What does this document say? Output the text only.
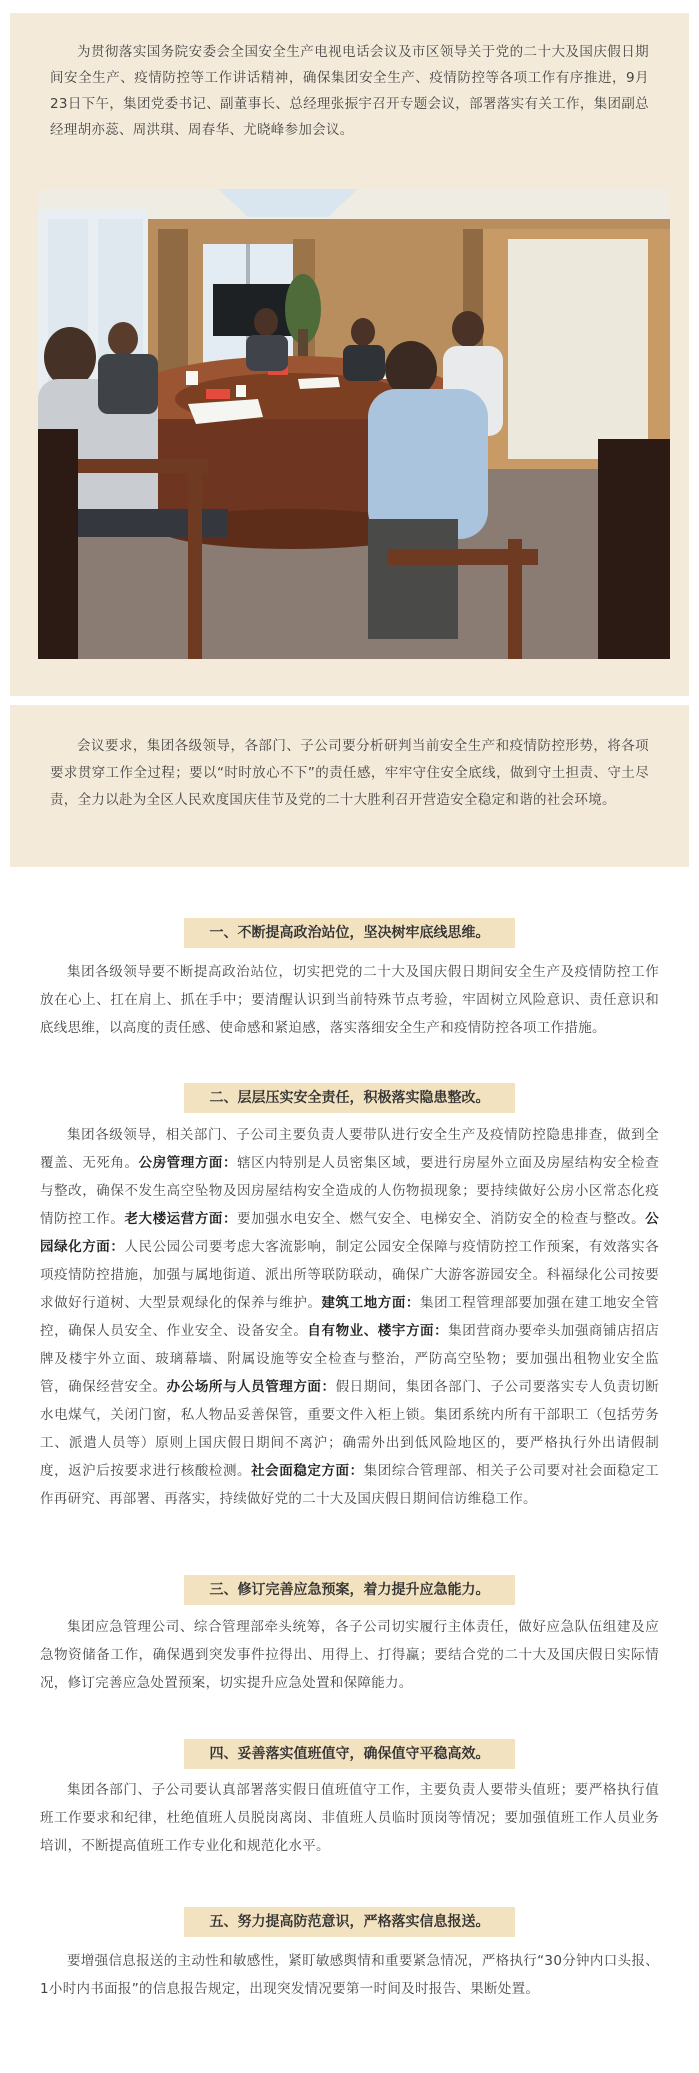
为贯彻落实国务院安委会全国安全生产电视电话会议及市区领导关于党的二十大及国庆假日期间安全生产、疫情防控等工作讲话精神，确保集团安全生产、疫情防控等各项工作有序推进，9月23日下午，集团党委书记、副董事长、总经理张振宇召开专题会议，部署落实有关工作，集团副总经理胡亦蕊、周洪琪、周春华、尤晓峰参加会议。
会议要求，集团各级领导，各部门、子公司要分析研判当前安全生产和疫情防控形势，将各项要求贯穿工作全过程；要以“时时放心不下”的责任感，牢牢守住安全底线，做到守土担责、守土尽责，全力以赴为全区人民欢度国庆佳节及党的二十大胜利召开营造安全稳定和谐的社会环境。
一、不断提高政治站位，坚决树牢底线思维。
集团各级领导要不断提高政治站位，切实把党的二十大及国庆假日期间安全生产及疫情防控工作放在心上、扛在肩上、抓在手中；要清醒认识到当前特殊节点考验，牢固树立风险意识、责任意识和底线思维，以高度的责任感、使命感和紧迫感，落实落细安全生产和疫情防控各项工作措施。
二、层层压实安全责任，积极落实隐患整改。
集团各级领导，相关部门、子公司主要负责人要带队进行安全生产及疫情防控隐患排查，做到全覆盖、无死角。公房管理方面：辖区内特别是人员密集区域，要进行房屋外立面及房屋结构安全检查与整改，确保不发生高空坠物及因房屋结构安全造成的人伤物损现象；要持续做好公房小区常态化疫情防控工作。老大楼运营方面：要加强水电安全、燃气安全、电梯安全、消防安全的检查与整改。公园绿化方面：人民公园公司要考虑大客流影响，制定公园安全保障与疫情防控工作预案，有效落实各项疫情防控措施，加强与属地街道、派出所等联防联动，确保广大游客游园安全。科福绿化公司按要求做好行道树、大型景观绿化的保养与维护。建筑工地方面：集团工程管理部要加强在建工地安全管控，确保人员安全、作业安全、设备安全。自有物业、楼宇方面：集团营商办要牵头加强商铺店招店牌及楼宇外立面、玻璃幕墙、附属设施等安全检查与整治，严防高空坠物；要加强出租物业安全监管，确保经营安全。办公场所与人员管理方面：假日期间，集团各部门、子公司要落实专人负责切断水电煤气，关闭门窗，私人物品妥善保管，重要文件入柜上锁。集团系统内所有干部职工（包括劳务工、派遣人员等）原则上国庆假日期间不离沪；确需外出到低风险地区的，要严格执行外出请假制度，返沪后按要求进行核酸检测。社会面稳定方面：集团综合管理部、相关子公司要对社会面稳定工作再研究、再部署、再落实，持续做好党的二十大及国庆假日期间信访维稳工作。
三、修订完善应急预案，着力提升应急能力。
集团应急管理公司、综合管理部牵头统筹，各子公司切实履行主体责任，做好应急队伍组建及应急物资储备工作，确保遇到突发事件拉得出、用得上、打得赢；要结合党的二十大及国庆假日实际情况，修订完善应急处置预案，切实提升应急处置和保障能力。
四、妥善落实值班值守，确保值守平稳高效。
集团各部门、子公司要认真部署落实假日值班值守工作，主要负责人要带头值班；要严格执行值班工作要求和纪律，杜绝值班人员脱岗离岗、非值班人员临时顶岗等情况；要加强值班工作人员业务培训，不断提高值班工作专业化和规范化水平。
五、努力提高防范意识，严格落实信息报送。
要增强信息报送的主动性和敏感性，紧盯敏感舆情和重要紧急情况，严格执行“30分钟内口头报、1小时内书面报”的信息报告规定，出现突发情况要第一时间及时报告、果断处置。
